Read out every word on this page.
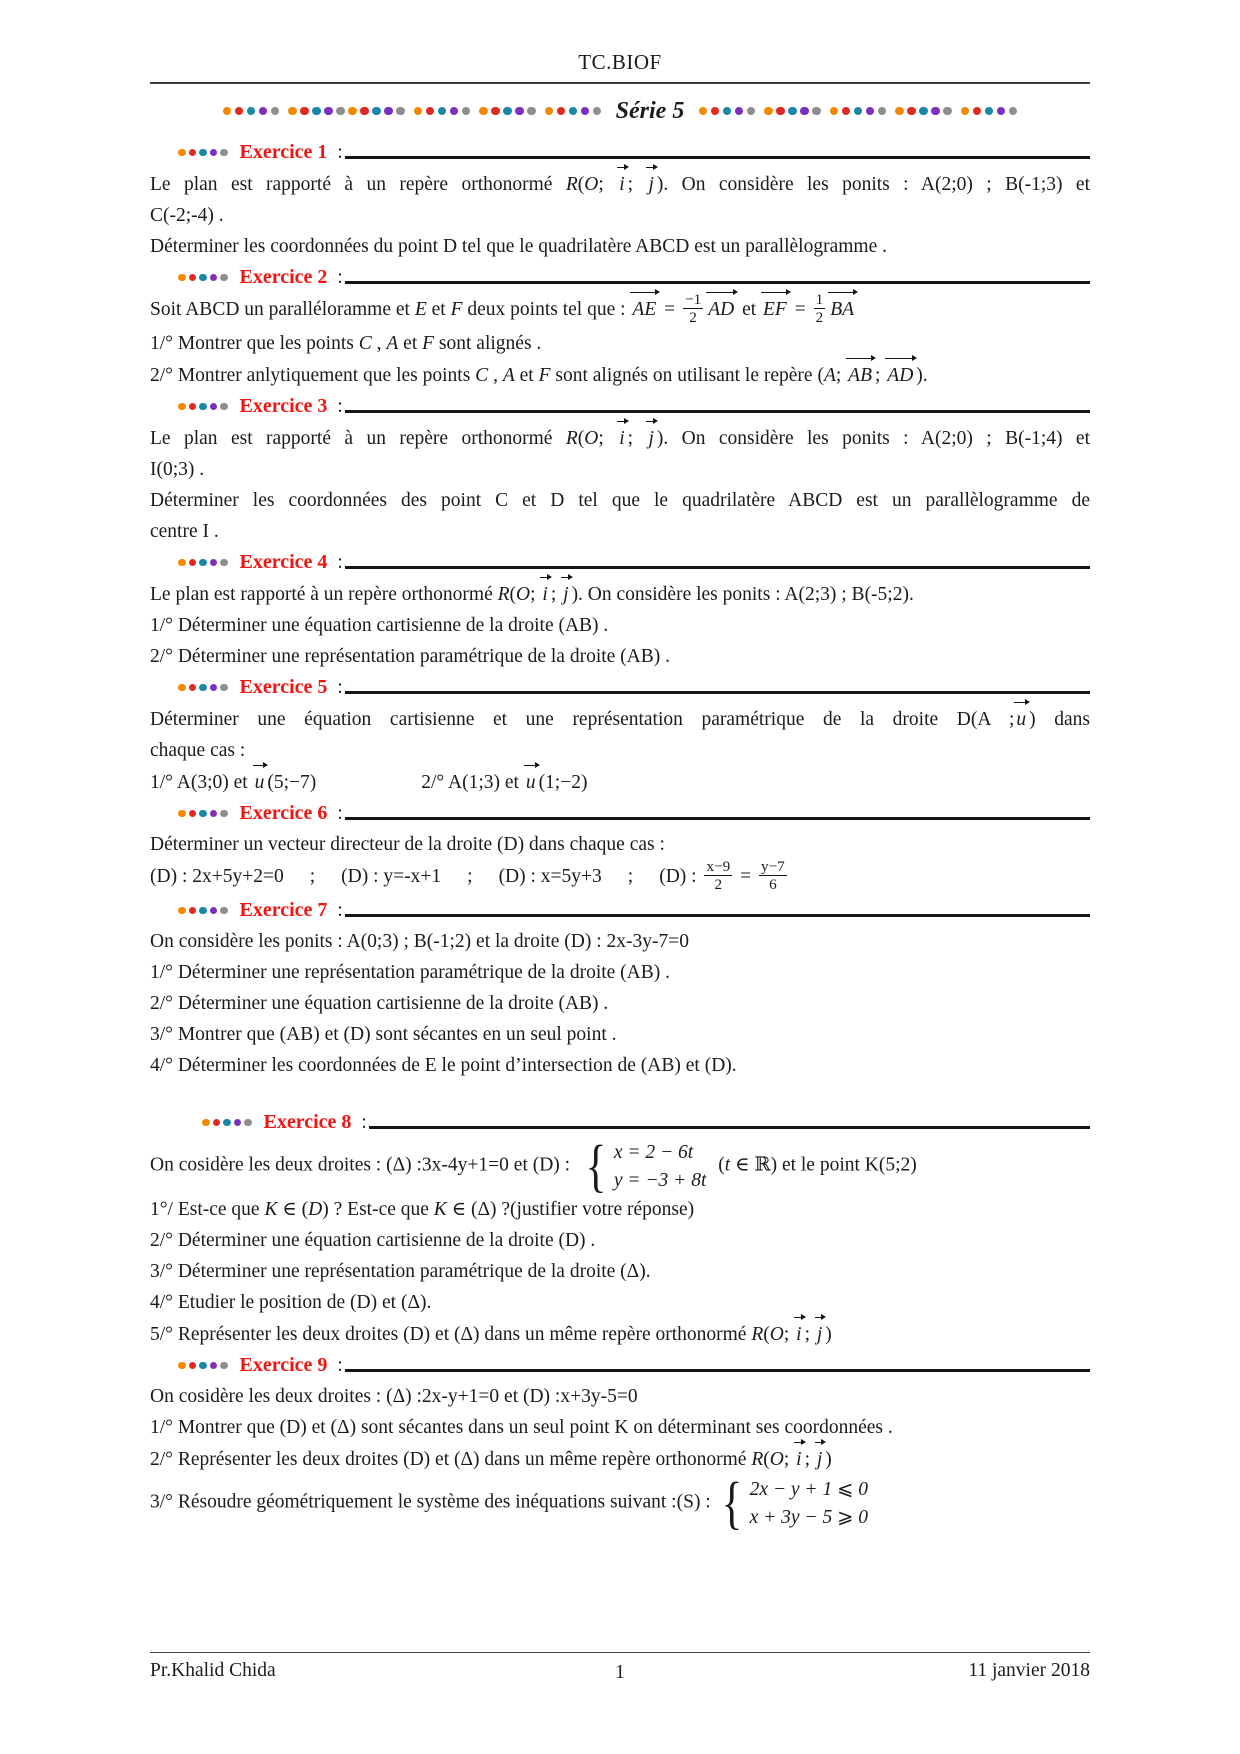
TC.BIOF
Série 5
Exercice 1 :
Le plan est rapporté à un repère orthonormé R(O; i ; j ). On considère les ponits : A(2;0) ; B(-1;3) et
C(-2;-4) .
Déterminer les coordonnées du point D tel que le quadrilatère ABCD est un parallèlogramme .
Exercice 2 :
Soit ABCD un paralléloramme et E et F deux points tel que : AE = $\frac{-1}{2}$ AD et EF = $\frac{1}{2}$ BA
1/° Montrer que les points C , A et F sont alignés .
2/° Montrer anlytiquement que les points C , A et F sont alignés on utilisant le repère (A; AB ; AD ).
Exercice 3 :
Le plan est rapporté à un repère orthonormé R(O; i ; j ). On considère les ponits : A(2;0) ; B(-1;4) et
I(0;3) .
Déterminer les coordonnées des point C et D tel que le quadrilatère ABCD est un parallèlogramme de
centre I .
Exercice 4 :
Le plan est rapporté à un repère orthonormé R(O; i ; j ). On considère les ponits : A(2;3) ; B(-5;2).
1/° Déterminer une équation cartisienne de la droite (AB) .
2/° Déterminer une représentation paramétrique de la droite (AB) .
Exercice 5 :
Déterminer une équation cartisienne et une représentation paramétrique de la droite D(A ; u ) dans
chaque cas :
1/° A(3;0) et u (5;−7)	2/° A(1;3) et u (1;−2)
Exercice 6 :
Déterminer un vecteur directeur de la droite (D) dans chaque cas :
(D) : 2x+5y+2=0 ; (D) : y=-x+1 ; (D) : x=5y+3 ; (D) : $\frac{x-9}{2} = \frac{y-7}{6}$
Exercice 7 :
On considère les ponits : A(0;3) ; B(-1;2) et la droite (D) : 2x-3y-7=0
1/° Déterminer une représentation paramétrique de la droite (AB) .
2/° Déterminer une équation cartisienne de la droite (AB) .
3/° Montrer que (AB) et (D) sont sécantes en un seul point .
4/° Déterminer les coordonnées de E le point d’intersection de (AB) et (D).
Exercice 8 :
On cosidère les deux droites : (Δ) :3x-4y+1=0 et (D) : { x = 2 − 6t
y = −3 + 8t
(t ∈ ℝ) et le point K(5;2)
1°/ Est-ce que K ∈ (D) ? Est-ce que K ∈ (Δ) ?(justifier votre réponse)
2/° Déterminer une équation cartisienne de la droite (D) .
3/° Déterminer une représentation paramétrique de la droite (Δ).
4/° Etudier le position de (D) et (Δ).
5/° Représenter les deux droites (D) et (Δ) dans un même repère orthonormé R(O; i ; j )
Exercice 9 :
On cosidère les deux droites : (Δ) :2x-y+1=0 et (D) :x+3y-5=0
1/° Montrer que (D) et (Δ) sont sécantes dans un seul point K on déterminant ses coordonnées .
2/° Représenter les deux droites (D) et (Δ) dans un même repère orthonormé R(O; i ; j )
3/° Résoudre géométriquement le système des inéquations suivant :(S) : { 2x − y + 1 ⩽ 0
x + 3y − 5 ⩾ 0
Pr.Khalid Chida	1	11 janvier 2018
